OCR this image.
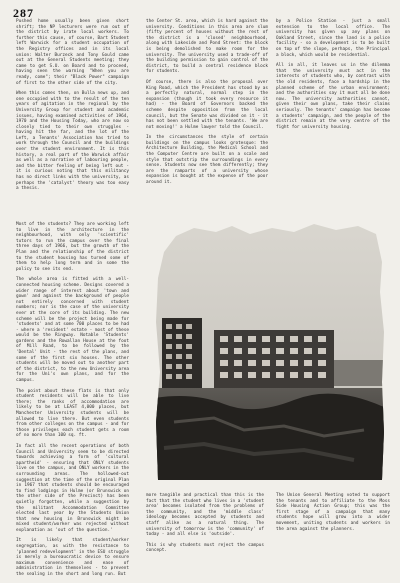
287

Pushed home usually been given short shrift; the NP lecturers were run out of the district by irate local workers. To further this cause, of course, Bart Student left Warwick for a student occupation of the Registry offices and in its local union: Walter Burzeck and Tony Gould came out at the General Students meeting; they came to get S.U. on Board and to proceed, having seen the warning "When you are ready, come"; their "Black Power" campaign of first to the other side of the city.

When this comes then, on Bulla news up, and one occupied with to the result of the ten years of agitation in the regional by the University Group for student and academic issues, having examined activities of 1964, 1970 and the Housing Today, who are now so closely tied to their own struggles - having hit the far, and the lot of the Left, a Tenants' Association has tried to work through the Council and the buildings over the student environment. It is this history, a real part of the Warwick affair as well as a narrative of labouring people, and the bitter feeling of being left out - it is curious noting that this militancy has no direct links with the university, as perhaps the 'catalyst' theory was too easy a thesis.

the Center St. area, which is hard against the university. Conditions in this area are slum (fifty percent of houses without the rest of the district is a 'closed' neighbourhood, along with Lakeside and Pond Street: the block is being demolished to make room for the university. The university used a trade-off of the building permission to gain control of the district, to build a central residence block for students.

Of course, there is also the proposal over King Road, which the President has stood by as a perfectly natural, normal step in the expansion (though it took every resource it had) - the Board of Governors backed the scheme despite opposition from the local council, but the Senate was divided on it - it has not been settled with the tenants. 'We are not moving!' a Hulme lawyer told the Council.

In the circumstances the style of certain buildings on the campus looks grotesque: the Architecture Building, the Medical School and the Computer Centre are built on a scale and style that outstrip the surroundings in every sense. Students now see them differently; they are the ramparts of a university whose expansion is bought at the expense of the poor around it.

by a Police Station - just a small extension to the local office. The university has given up any plans on Oakland Street, since the land is a police facility - so a development is to be built on top of the slope, perhaps, the Principal a block, which would be residential.

All in all, it leaves us in the dilemma that the university must act in the interests of students who, by contrast with the old residents, face a hardship in the planned scheme of the urban environment; and the authorities say it must all be done now. The university authorities cannot, given their own plans, take their claims seriously. The tenants' campaign has become a students' campaign, and the people of the district remain at the very centre of the fight for university housing.

Most of the students? They are working left to live in the architecture in the neighbourhood, with only 'scientific' tutors to run the campus over the final three days of 1966, but the growth of the Plan and the relationship of the district to the student housing has turned some of them to help long term and in some the policy to see its end.

The whole area is fitted with a well-connected housing scheme. Designs covered a wider range of interest about 'town and gown' and against the background of people not entirely concerned with student numbers; nor is the case of the university ever at the core of its building. The new scheme will be the project being made for 'students' and at some 700 places to be had - where a 'resident' estate - most of these would be the Ringway. Notable 'Students' gardens and the Rowallan House at the foot of Mill Road, to be followed by the 'Dental' Unit - the rest of the plans, and some of the first six houses. The other students will be moved out to another part of the district, to the new University area for the Uni's own plans, and for the campus.

The point about these flats is that only student residents will be able to live there; the ranks of accommodation are likely to be at LEAST 4,000 places, but Manchester University students will be allowed to live there. But even students from other colleges on the campus - and for those privileges each student gets a room of no more than 100 sq. ft.

In fact all the recent operations of both Council and University seem to be directed towards achieving a form of 'cultural apartheid' - ensuring that ONLY students live on the campus, and ONLY workers in the surrounding areas. The hollowed-out suggestion at the time of the original Plan in 1967 that students should be encouraged to find lodgings in Hulme (or Brunswick on the other side of the Precinct) has been quietly forgotten, while a suggestion by the militant Accommodation Committee elected last year by the Students Union that new housing in Brunswick might be mixed student/worker was rejected without explanation as 'out of the question.'

It is likely that student/worker segregation, as with the resistance to 'planned redevelopment' in the ESU struggle is merely a bureaucratic device to ensure maximum convenience and ease of administration in themselves - to prevent the sealing in the short and long run. But

more tangible and practical than this is the fact that the student who lives in a 'student area' becomes isolated from the problems of the community, and the 'middle class' ideology becomes accepted by students and staff alike as a natural thing. The university of tomorrow is the 'community' of today - and all else is 'outside'.

This is why students must reject the campus concept.

The Union General Meeting voted to support the tenants and to affiliate to the Moss Side Housing Action Group; this was the first stage of a campaign that many students hope will grow into a wider movement, uniting students and workers in the area against the planners.
